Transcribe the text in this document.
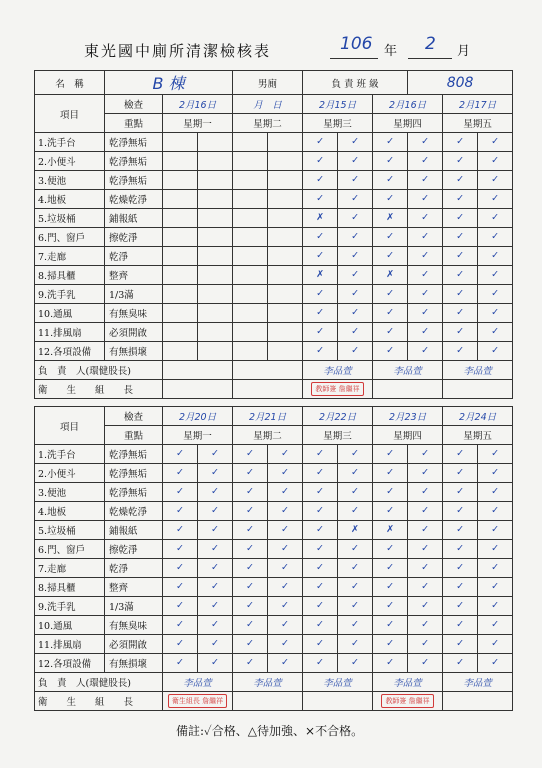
東光國中廁所清潔檢核表	106 年 2 月
名　稱	B 棟			男廁		負 責 班 級			808		
項目	檢查	2月16日		月　日		2月15日		2月16日		2月17日	
	重點	星期一		星期二		星期三		星期四		星期五	
1.洗手台	乾淨無垢					✓	✓	✓	✓	✓	✓
2.小便斗	乾淨無垢					✓	✓	✓	✓	✓	✓
3.便池	乾淨無垢					✓	✓	✓	✓	✓	✓
4.地板	乾燥乾淨					✓	✓	✓	✓	✓	✓
5.垃圾桶	鋪報紙					✗	✓	✗	✓	✓	✓
6.門、窗戶	擦乾淨					✓	✓	✓	✓	✓	✓
7.走廊	乾淨					✓	✓	✓	✓	✓	✓
8.掃具櫃	整齊					✗	✓	✗	✓	✓	✓
9.洗手乳	1/3滿					✓	✓	✓	✓	✓	✓
10.通風	有無臭味					✓	✓	✓	✓	✓	✓
11.排風扇	必須開啟					✓	✓	✓	✓	✓	✓
12.各項設備	有無損壞					✓	✓	✓	✓	✓	✓
負　責　人(環健股長)						李品萱		李品萱		李品萱	
衛　　生　　組　　長						教師簽 詹繼祥					
項目	檢查	2月20日		2月21日		2月22日		2月23日		2月24日	
	重點	星期一		星期二		星期三		星期四		星期五	
1.洗手台	乾淨無垢	✓	✓	✓	✓	✓	✓	✓	✓	✓	✓
2.小便斗	乾淨無垢	✓	✓	✓	✓	✓	✓	✓	✓	✓	✓
3.便池	乾淨無垢	✓	✓	✓	✓	✓	✓	✓	✓	✓	✓
4.地板	乾燥乾淨	✓	✓	✓	✓	✓	✓	✓	✓	✓	✓
5.垃圾桶	鋪報紙	✓	✓	✓	✓	✓	✗	✗	✓	✓	✓
6.門、窗戶	擦乾淨	✓	✓	✓	✓	✓	✓	✓	✓	✓	✓
7.走廊	乾淨	✓	✓	✓	✓	✓	✓	✓	✓	✓	✓
8.掃具櫃	整齊	✓	✓	✓	✓	✓	✓	✓	✓	✓	✓
9.洗手乳	1/3滿	✓	✓	✓	✓	✓	✓	✓	✓	✓	✓
10.通風	有無臭味	✓	✓	✓	✓	✓	✓	✓	✓	✓	✓
11.排風扇	必須開啟	✓	✓	✓	✓	✓	✓	✓	✓	✓	✓
12.各項設備	有無損壞	✓	✓	✓	✓	✓	✓	✓	✓	✓	✓
負　責　人(環健股長)		李品萱		李品萱		李品萱		李品萱		李品萱	
衛　　生　　組　　長		衛生組長 詹繼祥						教師簽 詹繼祥			
備註:✓合格、△待加強、×不合格。
